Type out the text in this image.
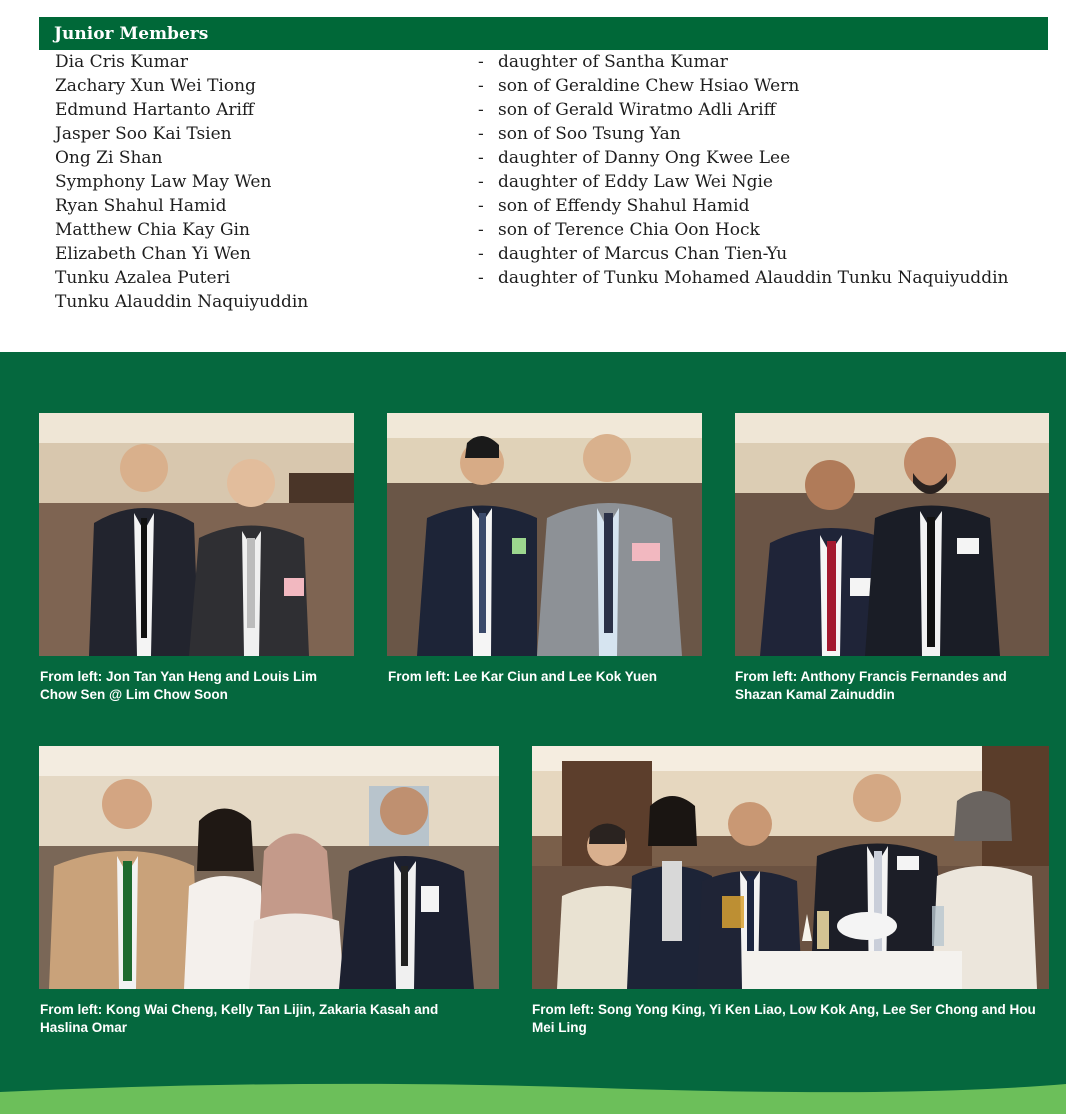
Junior Members
Dia Cris Kumar	- daughter of Santha Kumar
Zachary Xun Wei Tiong	- son of Geraldine Chew Hsiao Wern
Edmund Hartanto Ariff	- son of Gerald Wiratmo Adli Ariff
Jasper Soo Kai Tsien	- son of Soo Tsung Yan
Ong Zi Shan	- daughter of Danny Ong Kwee Lee
Symphony Law May Wen	- daughter of Eddy Law Wei Ngie
Ryan Shahul Hamid	- son of Effendy Shahul Hamid
Matthew Chia Kay Gin	- son of Terence Chia Oon Hock
Elizabeth Chan Yi Wen	- daughter of Marcus Chan Tien-Yu
Tunku Azalea Puteri	- daughter of Tunku Mohamed Alauddin Tunku Naquiyuddin
Tunku Alauddin Naquiyuddin
From left: Jon Tan Yan Heng and Louis Lim
Chow Sen @ Lim Chow Soon
From left: Lee Kar Ciun and Lee Kok Yuen	From left: Anthony Francis Fernandes and
Shazan Kamal Zainuddin
From left: Kong Wai Cheng, Kelly Tan Lijin, Zakaria Kasah and
Haslina Omar
From left: Song Yong King, Yi Ken Liao, Low Kok Ang, Lee Ser Chong and Hou
Mei Ling
